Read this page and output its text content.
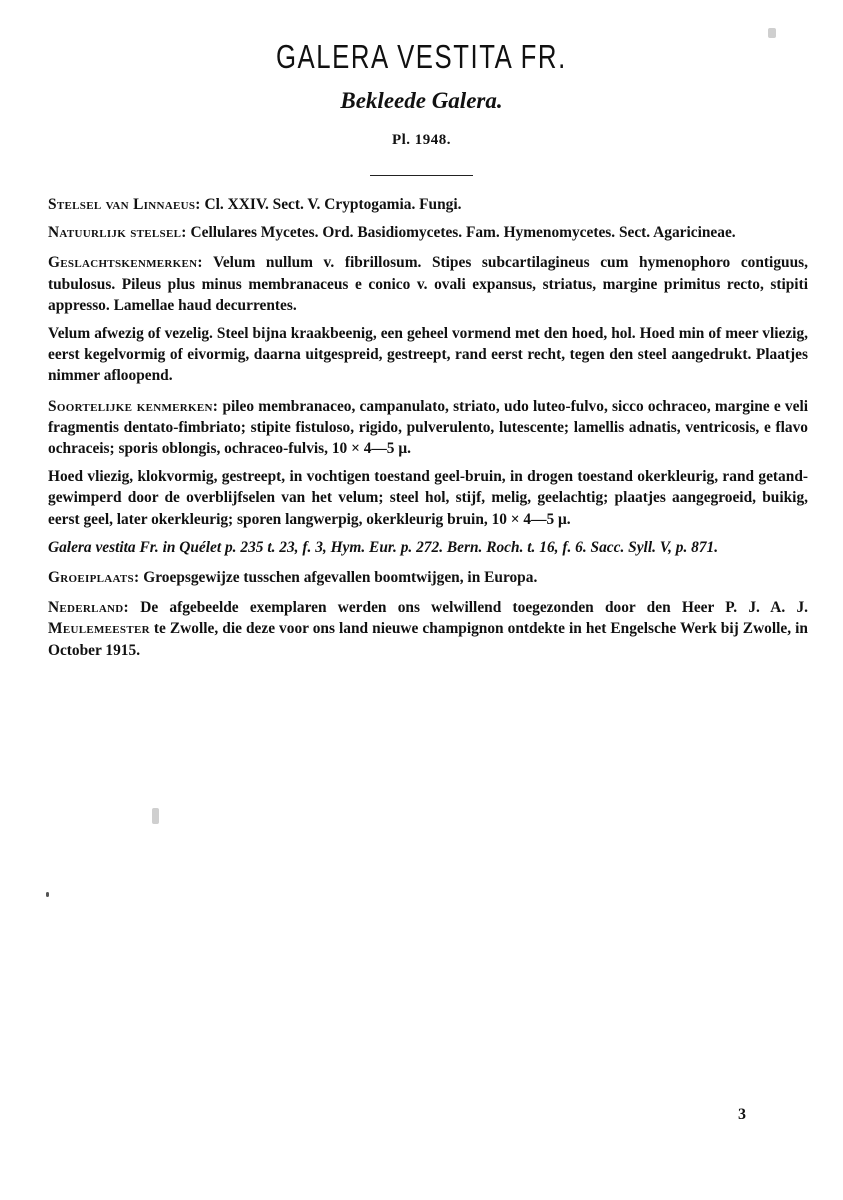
GALERA VESTITA FR.
Bekleede Galera.
Pl. 1948.

Stelsel van Linnaeus: Cl. XXIV. Sect. V. Cryptogamia. Fungi.

Natuurlijk stelsel: Cellulares Mycetes. Ord. Basidiomycetes. Fam. Hymenomycetes. Sect. Agaricineae.

Geslachtskenmerken: Velum nullum v. fibrillosum. Stipes subcartilagineus cum hymenophoro contiguus, tubulosus. Pileus plus minus membranaceus e conico v. ovali expansus, striatus, margine primitus recto, stipiti appresso. Lamellae haud decurrentes.

Velum afwezig of vezelig. Steel bijna kraakbeenig, een geheel vormend met den hoed, hol. Hoed min of meer vliezig, eerst kegelvormig of eivormig, daarna uitgespreid, gestreept, rand eerst recht, tegen den steel aangedrukt. Plaatjes nimmer afloopend.

Soortelijke kenmerken: pileo membranaceo, campanulato, striato, udo luteo-fulvo, sicco ochraceo, margine e veli fragmentis dentato-fimbriato; stipite fistuloso, rigido, pulverulento, lutescente; lamellis adnatis, ventricosis, e flavo ochraceis; sporis oblongis, ochraceo-fulvis, 10 × 4—5 μ.

Hoed vliezig, klokvormig, gestreept, in vochtigen toestand geel-bruin, in drogen toestand okerkleurig, rand getand-gewimperd door de overblijfselen van het velum; steel hol, stijf, melig, geelachtig; plaatjes aangegroeid, buikig, eerst geel, later okerkleurig; sporen langwerpig, okerkleurig bruin, 10 × 4—5 μ.

Galera vestita Fr. in Quélet p. 235 t. 23, f. 3, Hym. Eur. p. 272. Bern. Roch. t. 16, f. 6. Sacc. Syll. V, p. 871.

Groeiplaats: Groepsgewijze tusschen afgevallen boomtwijgen, in Europa.

Nederland: De afgebeelde exemplaren werden ons welwillend toegezonden door den Heer P. J. A. J. Meulemeester te Zwolle, die deze voor ons land nieuwe champignon ontdekte in het Engelsche Werk bij Zwolle, in October 1915.

3
